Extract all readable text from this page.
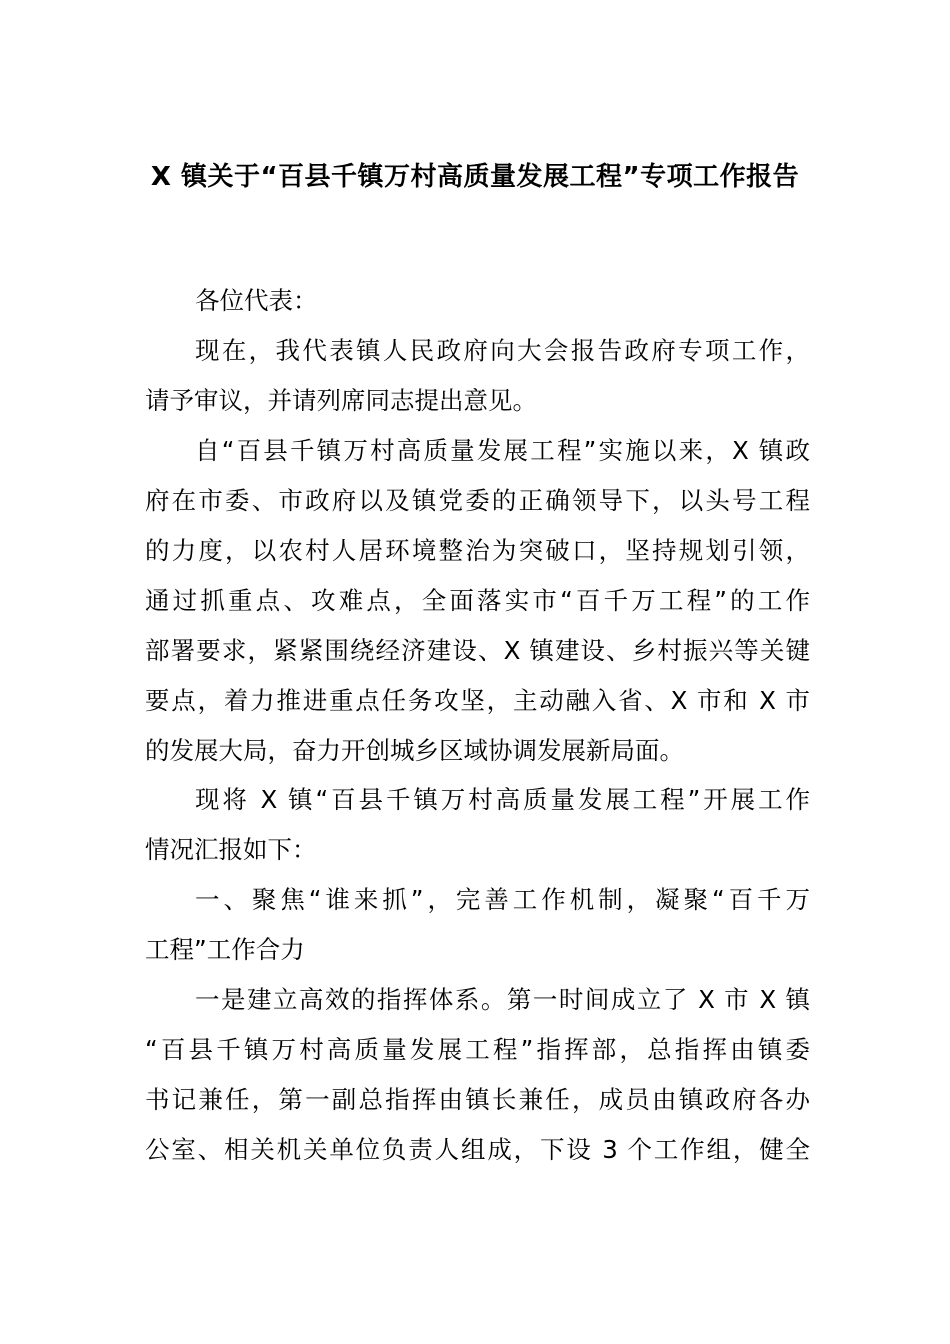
X 镇关于“百县千镇万村高质量发展工程”专项工作报告
各位代表：
现在，我代表镇人民政府向大会报告政府专项工作，
请予审议，并请列席同志提出意见。
自“百县千镇万村高质量发展工程”实施以来，X 镇政
府在市委、市政府以及镇党委的正确领导下，以头号工程
的力度，以农村人居环境整治为突破口，坚持规划引领，
通过抓重点、攻难点，全面落实市“百千万工程”的工作
部署要求，紧紧围绕经济建设、X 镇建设、乡村振兴等关键
要点，着力推进重点任务攻坚，主动融入省、X 市和 X 市
的发展大局，奋力开创城乡区域协调发展新局面。
现将 X 镇“百县千镇万村高质量发展工程”开展工作
情况汇报如下：
一、聚焦“谁来抓”，完善工作机制，凝聚“百千万
工程”工作合力
一是建立高效的指挥体系。第一时间成立了 X 市 X 镇
“百县千镇万村高质量发展工程”指挥部，总指挥由镇委
书记兼任，第一副总指挥由镇长兼任，成员由镇政府各办
公室、相关机关单位负责人组成，下设 3 个工作组，健全
